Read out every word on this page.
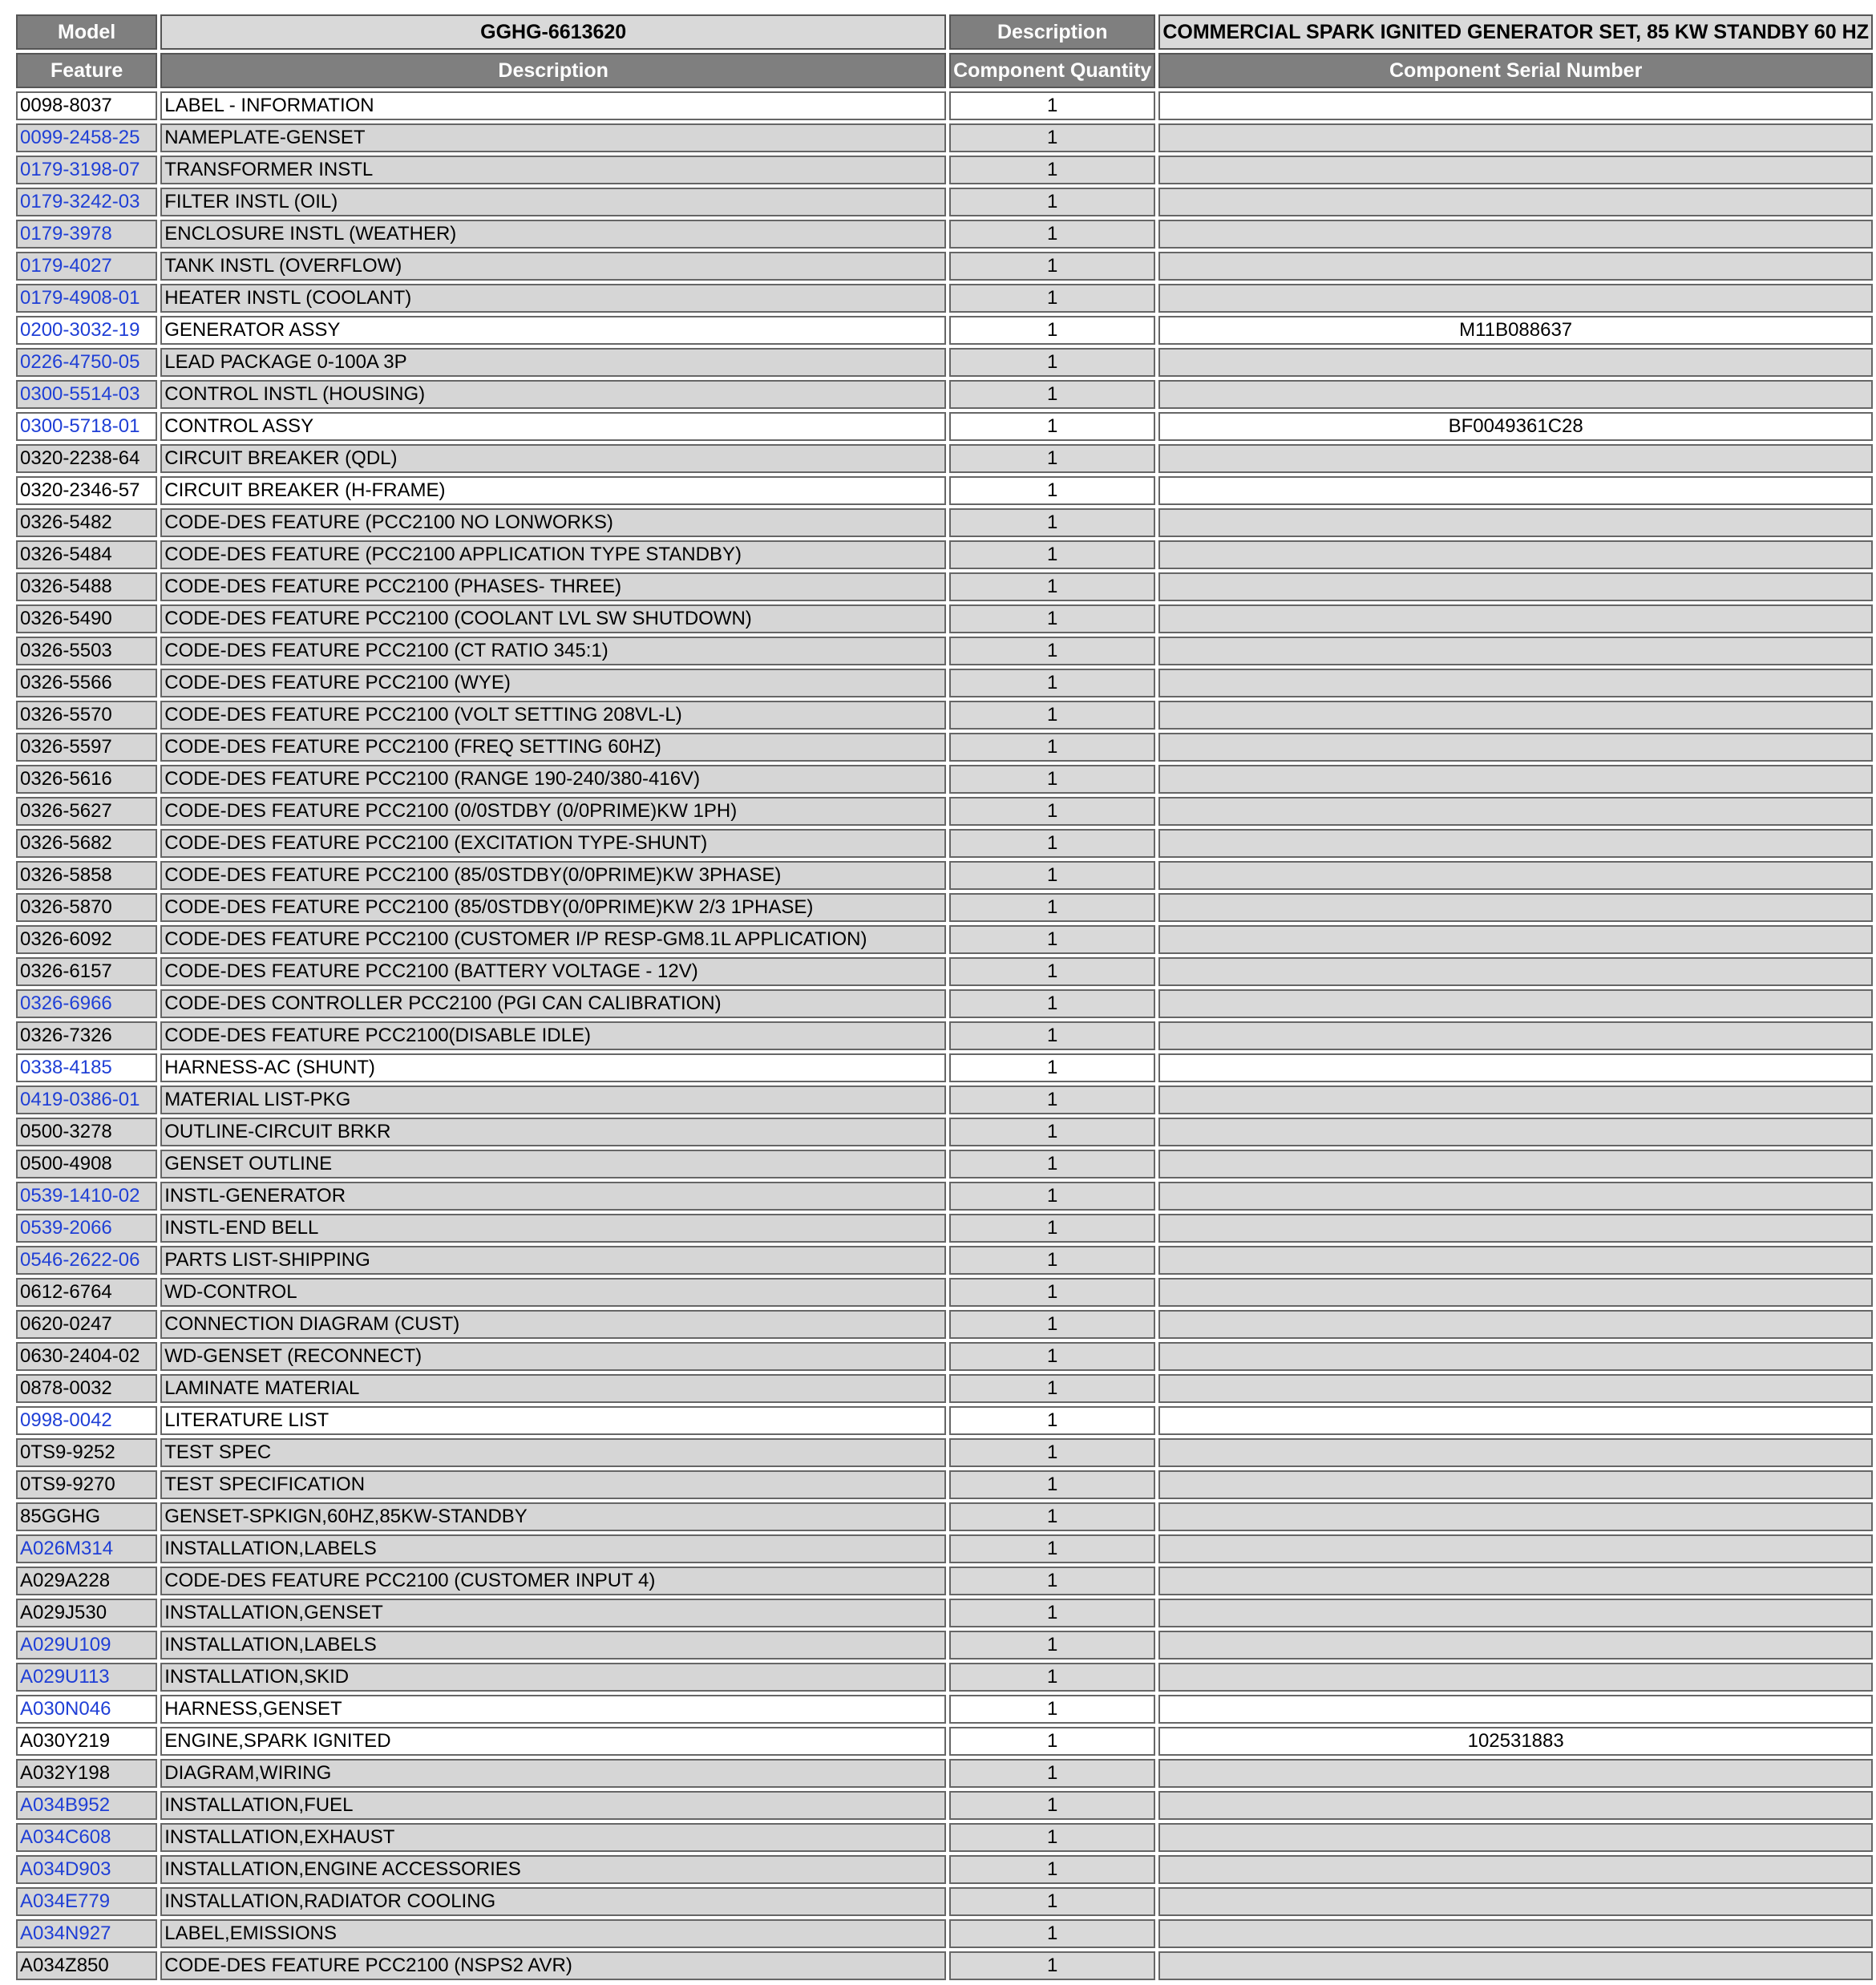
Model	GGHG-6613620	Description	COMMERCIAL SPARK IGNITED GENERATOR SET, 85 KW STANDBY 60 HZ
Feature	Description	Component Quantity	Component Serial Number
0098-8037	LABEL - INFORMATION	1	
0099-2458-25	NAMEPLATE-GENSET	1	
0179-3198-07	TRANSFORMER INSTL	1	
0179-3242-03	FILTER INSTL (OIL)	1	
0179-3978	ENCLOSURE INSTL (WEATHER)	1	
0179-4027	TANK INSTL (OVERFLOW)	1	
0179-4908-01	HEATER INSTL (COOLANT)	1	
0200-3032-19	GENERATOR ASSY	1	M11B088637
0226-4750-05	LEAD PACKAGE 0-100A 3P	1	
0300-5514-03	CONTROL INSTL (HOUSING)	1	
0300-5718-01	CONTROL ASSY	1	BF0049361C28
0320-2238-64	CIRCUIT BREAKER (QDL)	1	
0320-2346-57	CIRCUIT BREAKER (H-FRAME)	1	
0326-5482	CODE-DES FEATURE (PCC2100 NO LONWORKS)	1	
0326-5484	CODE-DES FEATURE (PCC2100 APPLICATION TYPE STANDBY)	1	
0326-5488	CODE-DES FEATURE PCC2100 (PHASES- THREE)	1	
0326-5490	CODE-DES FEATURE PCC2100 (COOLANT LVL SW SHUTDOWN)	1	
0326-5503	CODE-DES FEATURE PCC2100 (CT RATIO 345:1)	1	
0326-5566	CODE-DES FEATURE PCC2100 (WYE)	1	
0326-5570	CODE-DES FEATURE PCC2100 (VOLT SETTING 208VL-L)	1	
0326-5597	CODE-DES FEATURE PCC2100 (FREQ SETTING 60HZ)	1	
0326-5616	CODE-DES FEATURE PCC2100 (RANGE 190-240/380-416V)	1	
0326-5627	CODE-DES FEATURE PCC2100 (0/0STDBY (0/0PRIME)KW 1PH)	1	
0326-5682	CODE-DES FEATURE PCC2100 (EXCITATION TYPE-SHUNT)	1	
0326-5858	CODE-DES FEATURE PCC2100 (85/0STDBY(0/0PRIME)KW 3PHASE)	1	
0326-5870	CODE-DES FEATURE PCC2100 (85/0STDBY(0/0PRIME)KW 2/3 1PHASE)	1	
0326-6092	CODE-DES FEATURE PCC2100 (CUSTOMER I/P RESP-GM8.1L APPLICATION)	1	
0326-6157	CODE-DES FEATURE PCC2100 (BATTERY VOLTAGE - 12V)	1	
0326-6966	CODE-DES CONTROLLER PCC2100 (PGI CAN CALIBRATION)	1	
0326-7326	CODE-DES FEATURE PCC2100(DISABLE IDLE)	1	
0338-4185	HARNESS-AC (SHUNT)	1	
0419-0386-01	MATERIAL LIST-PKG	1	
0500-3278	OUTLINE-CIRCUIT BRKR	1	
0500-4908	GENSET OUTLINE	1	
0539-1410-02	INSTL-GENERATOR	1	
0539-2066	INSTL-END BELL	1	
0546-2622-06	PARTS LIST-SHIPPING	1	
0612-6764	WD-CONTROL	1	
0620-0247	CONNECTION DIAGRAM (CUST)	1	
0630-2404-02	WD-GENSET (RECONNECT)	1	
0878-0032	LAMINATE MATERIAL	1	
0998-0042	LITERATURE LIST	1	
0TS9-9252	TEST SPEC	1	
0TS9-9270	TEST SPECIFICATION	1	
85GGHG	GENSET-SPKIGN,60HZ,85KW-STANDBY	1	
A026M314	INSTALLATION,LABELS	1	
A029A228	CODE-DES FEATURE PCC2100 (CUSTOMER INPUT 4)	1	
A029J530	INSTALLATION,GENSET	1	
A029U109	INSTALLATION,LABELS	1	
A029U113	INSTALLATION,SKID	1	
A030N046	HARNESS,GENSET	1	
A030Y219	ENGINE,SPARK IGNITED	1	102531883
A032Y198	DIAGRAM,WIRING	1	
A034B952	INSTALLATION,FUEL	1	
A034C608	INSTALLATION,EXHAUST	1	
A034D903	INSTALLATION,ENGINE ACCESSORIES	1	
A034E779	INSTALLATION,RADIATOR COOLING	1	
A034N927	LABEL,EMISSIONS	1	
A034Z850	CODE-DES FEATURE PCC2100 (NSPS2 AVR)	1	
